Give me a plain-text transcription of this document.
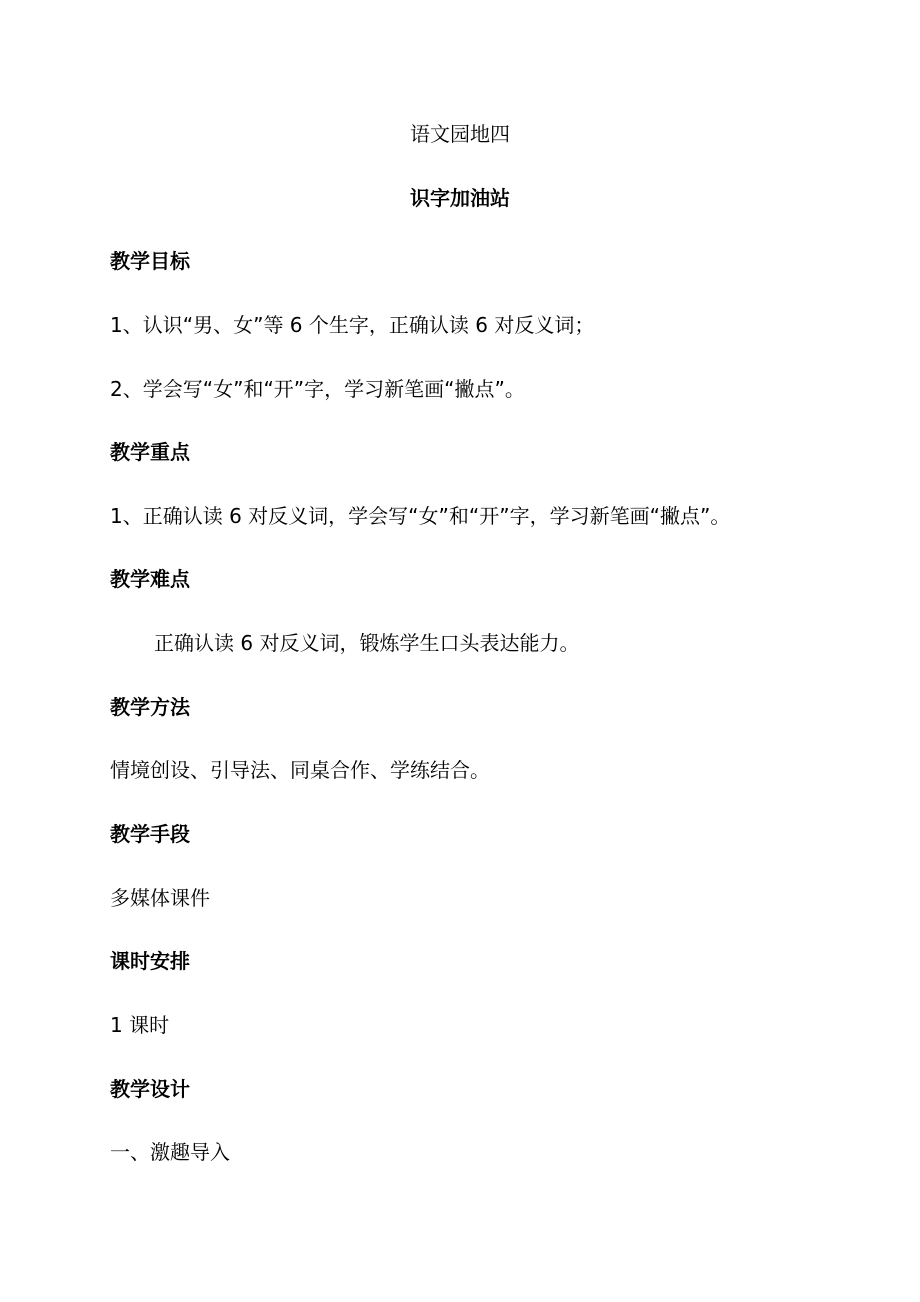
语文园地四
识字加油站
教学目标
1、认识“男、女”等 6 个生字，正确认读 6 对反义词；
2、学会写“女”和“开”字，学习新笔画“撇点”。
教学重点
1、正确认读 6 对反义词，学会写“女”和“开”字，学习新笔画“撇点”。
教学难点
正确认读 6 对反义词，锻炼学生口头表达能力。
教学方法
情境创设、引导法、同桌合作、学练结合。
教学手段
多媒体课件
课时安排
1 课时
教学设计
一、激趣导入
